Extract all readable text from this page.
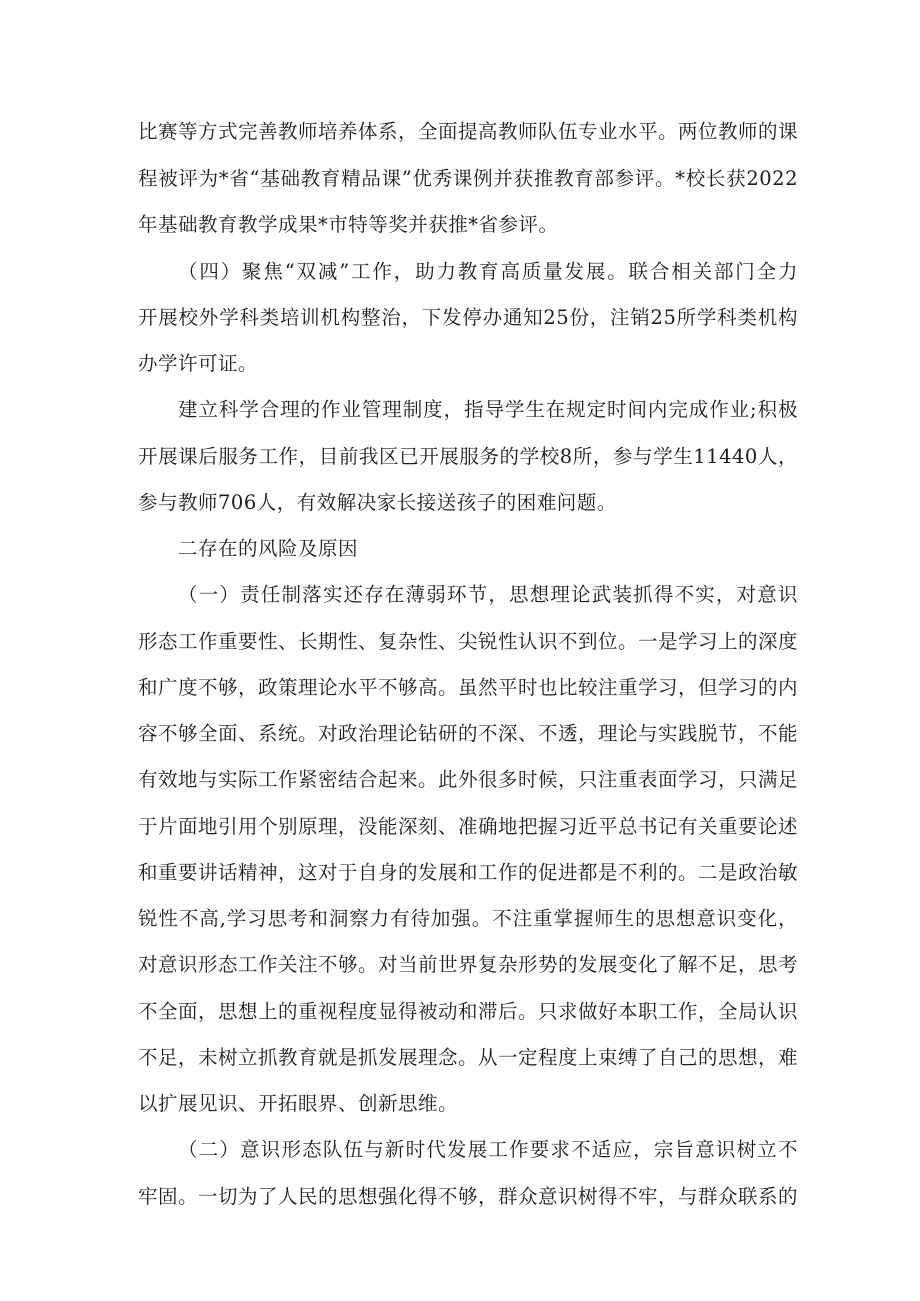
比赛等方式完善教师培养体系，全面提高教师队伍专业水平。两位教师的课
程被评为*省“基础教育精品课”优秀课例并获推教育部参评。*校长获2022
年基础教育教学成果*市特等奖并获推*省参评。
（四）聚焦“双减”工作，助力教育高质量发展。联合相关部门全力
开展校外学科类培训机构整治，下发停办通知25份，注销25所学科类机构
办学许可证。
建立科学合理的作业管理制度，指导学生在规定时间内完成作业;积极
开展课后服务工作，目前我区已开展服务的学校8所，参与学生11440人，
参与教师706人，有效解决家长接送孩子的困难问题。
二存在的风险及原因
（一）责任制落实还存在薄弱环节，思想理论武装抓得不实，对意识
形态工作重要性、长期性、复杂性、尖锐性认识不到位。一是学习上的深度
和广度不够，政策理论水平不够高。虽然平时也比较注重学习，但学习的内
容不够全面、系统。对政治理论钻研的不深、不透，理论与实践脱节，不能
有效地与实际工作紧密结合起来。此外很多时候，只注重表面学习，只满足
于片面地引用个别原理，没能深刻、准确地把握习近平总书记有关重要论述
和重要讲话精神，这对于自身的发展和工作的促进都是不利的。二是政治敏
锐性不高,学习思考和洞察力有待加强。不注重掌握师生的思想意识变化，
对意识形态工作关注不够。对当前世界复杂形势的发展变化了解不足，思考
不全面，思想上的重视程度显得被动和滞后。只求做好本职工作，全局认识
不足，未树立抓教育就是抓发展理念。从一定程度上束缚了自己的思想，难
以扩展见识、开拓眼界、创新思维。
（二）意识形态队伍与新时代发展工作要求不适应，宗旨意识树立不
牢固。一切为了人民的思想强化得不够，群众意识树得不牢，与群众联系的
